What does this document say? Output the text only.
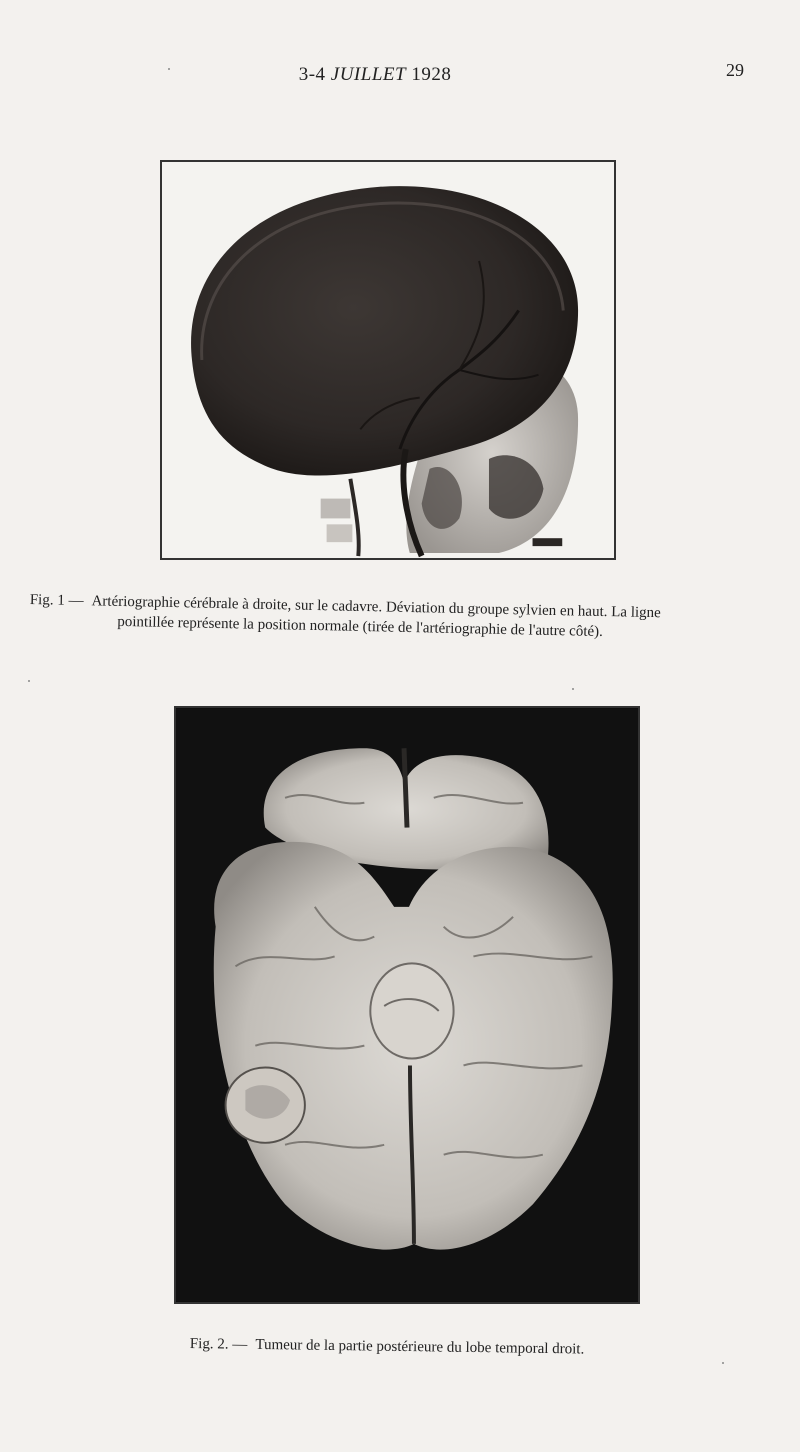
3-4 JUILLET 1928	29
Fig. 1 — Artériographie cérébrale à droite, sur le cadavre. Déviation du groupe sylvien en haut. La ligne
pointillée représente la position normale (tirée de l'artériographie de l'autre côté).
Fig. 2. — Tumeur de la partie postérieure du lobe temporal droit.
